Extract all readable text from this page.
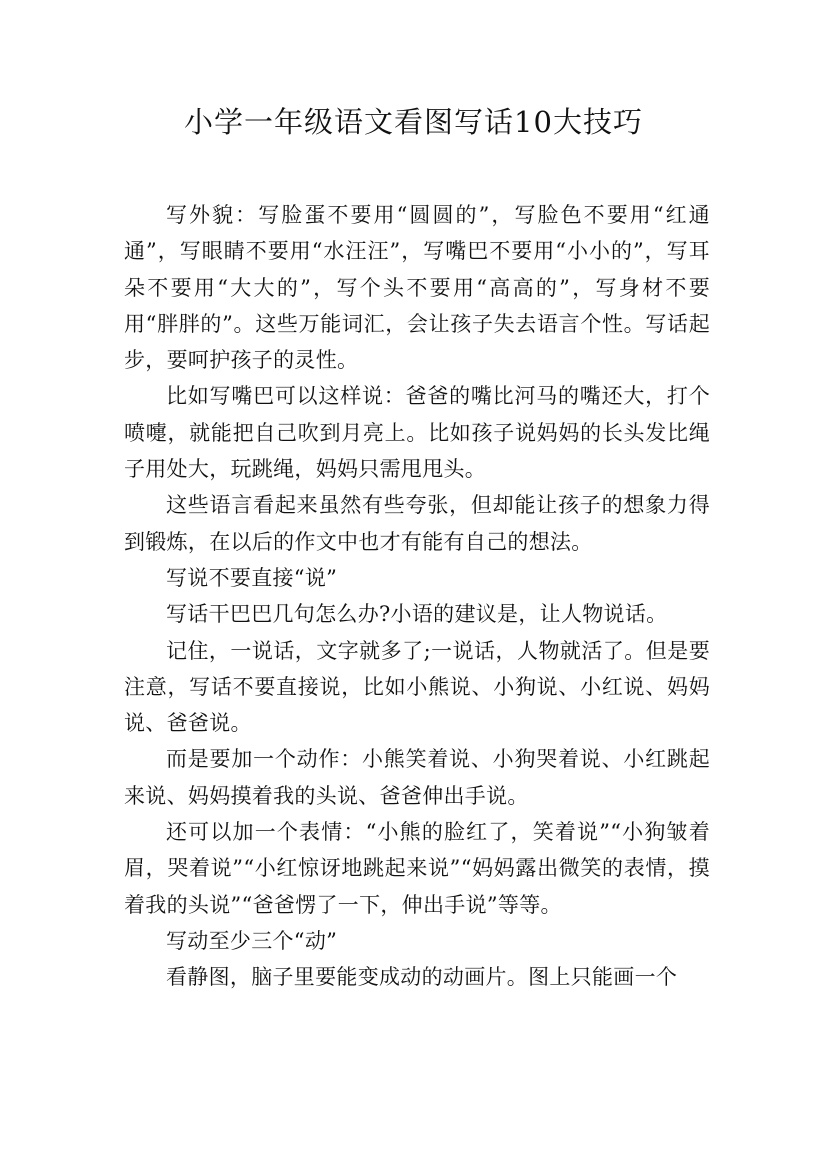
小学一年级语文看图写话10大技巧

写外貌：写脸蛋不要用“圆圆的”，写脸色不要用“红通通”，写眼睛不要用“水汪汪”，写嘴巴不要用“小小的”，写耳朵不要用“大大的”，写个头不要用“高高的”，写身材不要用“胖胖的”。这些万能词汇，会让孩子失去语言个性。写话起步，要呵护孩子的灵性。

比如写嘴巴可以这样说：爸爸的嘴比河马的嘴还大，打个喷嚏，就能把自己吹到月亮上。比如孩子说妈妈的长头发比绳子用处大，玩跳绳，妈妈只需甩甩头。

这些语言看起来虽然有些夸张，但却能让孩子的想象力得到锻炼，在以后的作文中也才有能有自己的想法。

写说不要直接“说”

写话干巴巴几句怎么办?小语的建议是，让人物说话。

记住，一说话，文字就多了;一说话，人物就活了。但是要注意，写话不要直接说，比如小熊说、小狗说、小红说、妈妈说、爸爸说。

而是要加一个动作：小熊笑着说、小狗哭着说、小红跳起来说、妈妈摸着我的头说、爸爸伸出手说。

还可以加一个表情：“小熊的脸红了，笑着说”“小狗皱着眉，哭着说”“小红惊讶地跳起来说”“妈妈露出微笑的表情，摸着我的头说”“爸爸愣了一下，伸出手说”等等。

写动至少三个“动”

看静图，脑子里要能变成动的动画片。图上只能画一个
